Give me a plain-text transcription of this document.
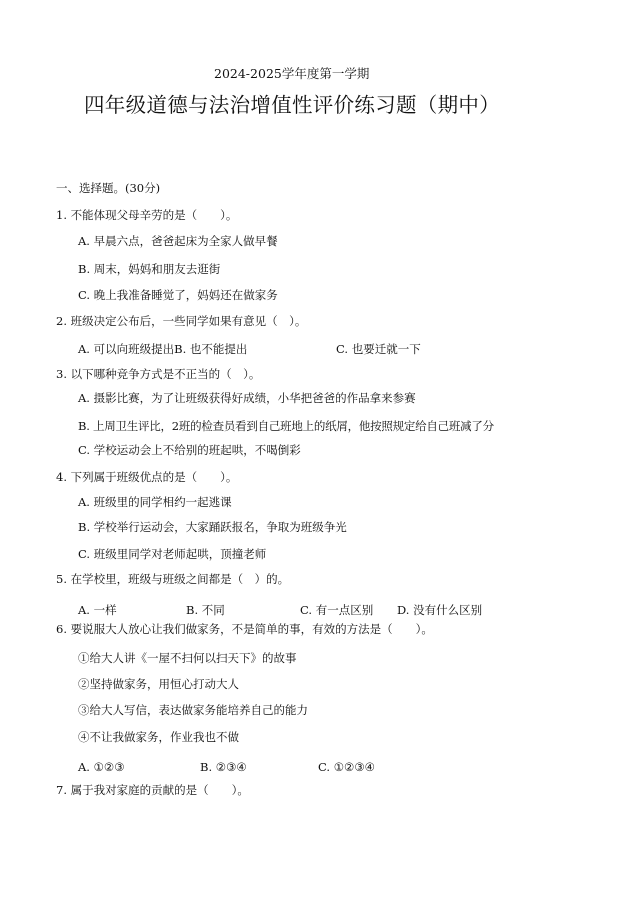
2024-2025学年度第一学期
四年级道德与法治增值性评价练习题（期中）
一、选择题。(30分)
1. 不能体现父母辛劳的是（　　）。
A. 早晨六点，爸爸起床为全家人做早餐
B. 周末，妈妈和朋友去逛街
C. 晚上我准备睡觉了，妈妈还在做家务
2. 班级决定公布后，一些同学如果有意见（　）。
A. 可以向班级提出B. 也不能提出	C. 也要迁就一下
3. 以下哪种竞争方式是不正当的（　）。
A. 摄影比赛，为了让班级获得好成绩，小华把爸爸的作品拿来参赛
B. 上周卫生评比，2班的检查员看到自己班地上的纸屑，他按照规定给自己班减了分
C. 学校运动会上不给别的班起哄，不喝倒彩
4. 下列属于班级优点的是（　　）。
A. 班级里的同学相约一起逃课
B. 学校举行运动会，大家踊跃报名，争取为班级争光
C. 班级里同学对老师起哄，顶撞老师
5. 在学校里，班级与班级之间都是（　）的。
A. 一样	B. 不同	C. 有一点区别 D. 没有什么区别
6. 要说服大人放心让我们做家务，不是简单的事，有效的方法是（　　）。
①给大人讲《一屋不扫何以扫天下》的故事
②坚持做家务，用恒心打动大人
③给大人写信，表达做家务能培养自己的能力
④不让我做家务，作业我也不做
A. ①②③	B. ②③④	C. ①②③④
7. 属于我对家庭的贡献的是（　　）。
